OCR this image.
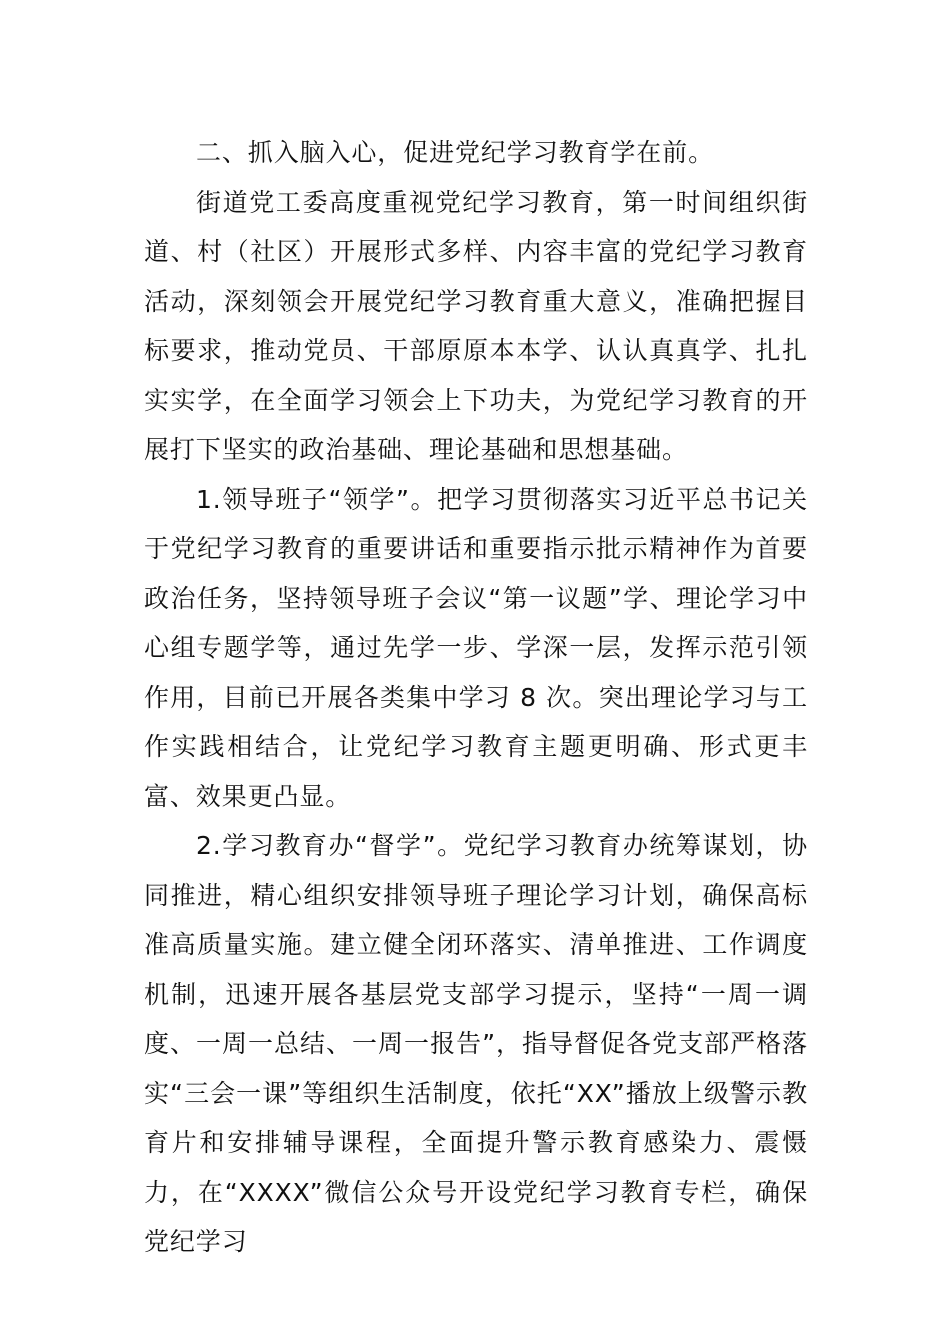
二、抓入脑入心，促进党纪学习教育学在前。

街道党工委高度重视党纪学习教育，第一时间组织街道、村（社区）开展形式多样、内容丰富的党纪学习教育活动，深刻领会开展党纪学习教育重大意义，准确把握目标要求，推动党员、干部原原本本学、认认真真学、扎扎实实学，在全面学习领会上下功夫，为党纪学习教育的开展打下坚实的政治基础、理论基础和思想基础。

1.领导班子“领学”。把学习贯彻落实习近平总书记关于党纪学习教育的重要讲话和重要指示批示精神作为首要政治任务，坚持领导班子会议“第一议题”学、理论学习中心组专题学等，通过先学一步、学深一层，发挥示范引领作用，目前已开展各类集中学习 8 次。突出理论学习与工作实践相结合，让党纪学习教育主题更明确、形式更丰富、效果更凸显。

2.学习教育办“督学”。党纪学习教育办统筹谋划，协同推进，精心组织安排领导班子理论学习计划，确保高标准高质量实施。建立健全闭环落实、清单推进、工作调度机制，迅速开展各基层党支部学习提示，坚持“一周一调度、一周一总结、一周一报告”，指导督促各党支部严格落实“三会一课”等组织生活制度，依托“XX”播放上级警示教育片和安排辅导课程，全面提升警示教育感染力、震慑力，在“XXXX”微信公众号开设党纪学习教育专栏，确保党纪学习
